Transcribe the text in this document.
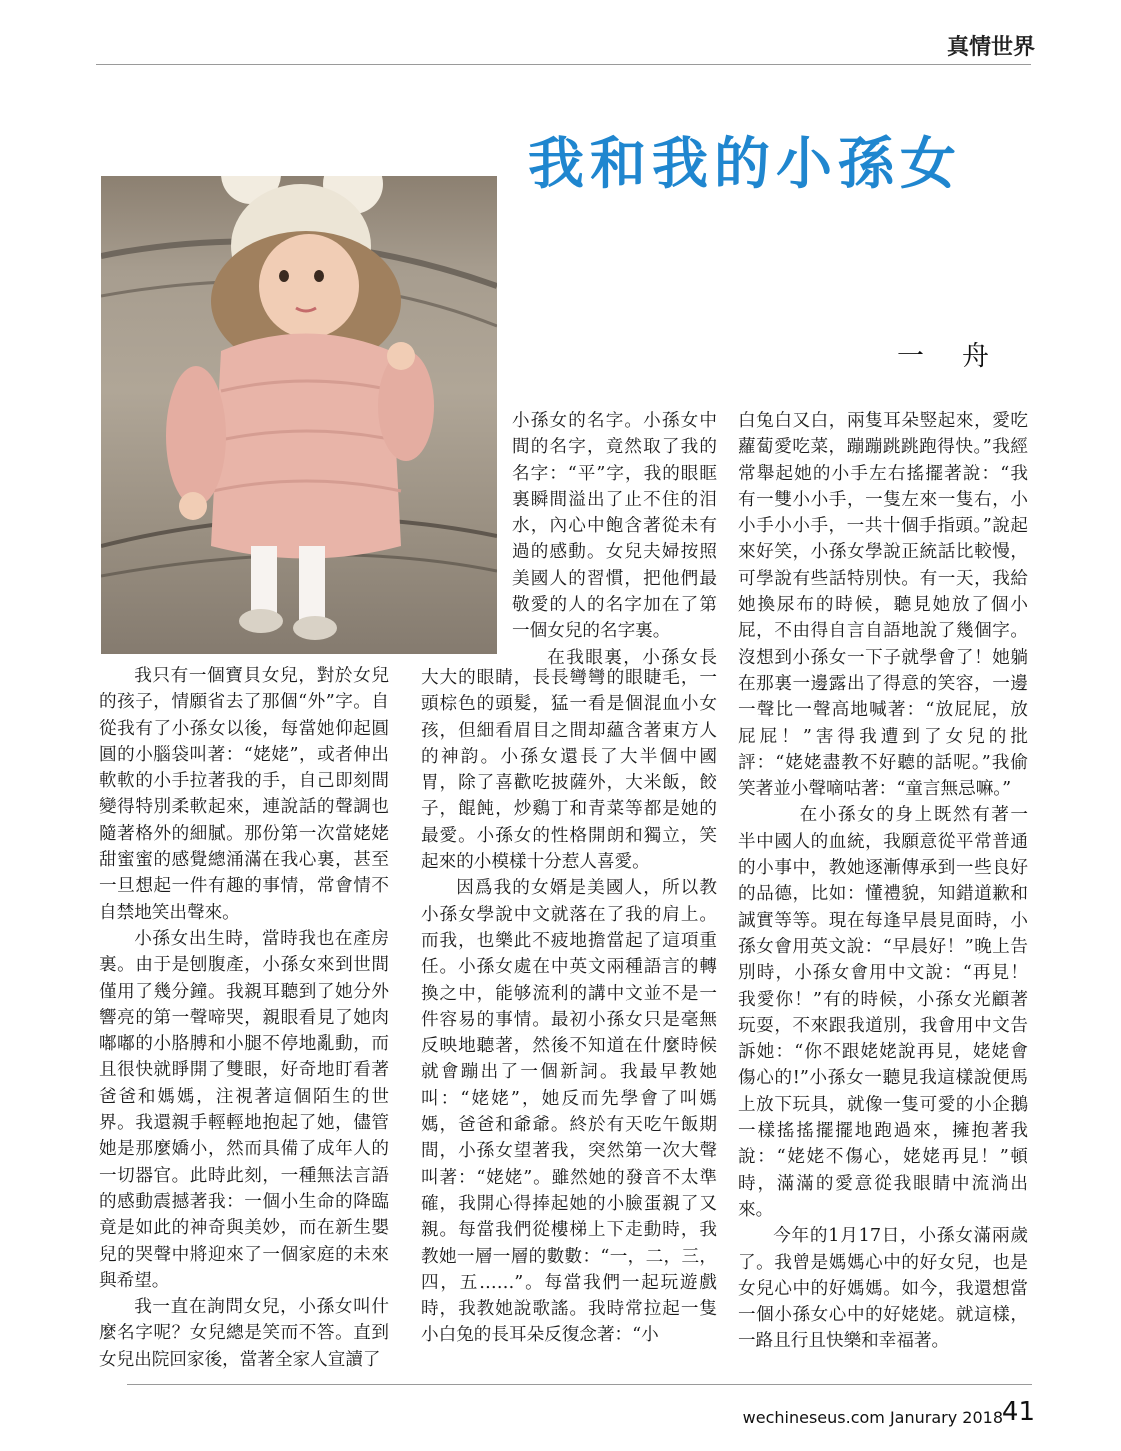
真情世界
我和我的小孫女
一舟

我只有一個寶貝女兒，對於女兒的孩子，情願省去了那個“外”字。自從我有了小孫女以後，每當她仰起圓圓的小腦袋叫著：“姥姥”，或者伸出軟軟的小手拉著我的手，自己即刻間變得特別柔軟起來，連說話的聲調也隨著格外的細膩。那份第一次當姥姥甜蜜蜜的感覺總涌滿在我心裏，甚至一旦想起一件有趣的事情，常會情不自禁地笑出聲來。

小孫女出生時，當時我也在產房裏。由于是刨腹產，小孫女來到世間僅用了幾分鐘。我親耳聽到了她分外響亮的第一聲啼哭，親眼看見了她肉嘟嘟的小胳膊和小腿不停地亂動，而且很快就睜開了雙眼，好奇地盯看著爸爸和媽媽，注視著這個陌生的世界。我還親手輕輕地抱起了她，儘管她是那麼嬌小，然而具備了成年人的一切器官。此時此刻，一種無法言語的感動震撼著我：一個小生命的降臨竟是如此的神奇與美妙，而在新生嬰兒的哭聲中將迎來了一個家庭的未來與希望。

我一直在詢問女兒，小孫女叫什麼名字呢？女兒總是笑而不答。直到女兒出院回家後，當著全家人宣讀了

小孫女的名字。小孫女中間的名字，竟然取了我的名字：“平”字，我的眼眶裏瞬間溢出了止不住的泪水，內心中飽含著從未有過的感動。女兒夫婦按照美國人的習慣，把他們最敬愛的人的名字加在了第一個女兒的名字裏。

在我眼裏，小孫女長

大大的眼睛，長長彎彎的眼睫毛，一頭棕色的頭髮，猛一看是個混血小女孩，但細看眉目之間却蘊含著東方人的神韵。小孫女還長了大半個中國胃，除了喜歡吃披薩外，大米飯，餃子，餛飩，炒鷄丁和青菜等都是她的最愛。小孫女的性格開朗和獨立，笑起來的小模樣十分惹人喜愛。

因爲我的女婿是美國人，所以教小孫女學說中文就落在了我的肩上。而我，也樂此不疲地擔當起了這項重任。小孫女處在中英文兩種語言的轉換之中，能够流利的講中文並不是一件容易的事情。最初小孫女只是毫無反映地聽著，然後不知道在什麼時候就會蹦出了一個新詞。我最早教她叫：“姥姥”，她反而先學會了叫媽媽，爸爸和爺爺。終於有天吃午飯期間，小孫女望著我，突然第一次大聲叫著：“姥姥”。雖然她的發音不太準確，我開心得捧起她的小臉蛋親了又親。每當我們從樓梯上下走動時，我教她一層一層的數數：“一，二，三，四，五……”。每當我們一起玩遊戲時，我教她說歌謠。我時常拉起一隻小白兔的長耳朵反復念著：“小

白兔白又白，兩隻耳朵竪起來，愛吃蘿蔔愛吃菜，蹦蹦跳跳跑得快。”我經常舉起她的小手左右搖擺著說：“我有一雙小小手，一隻左來一隻右，小小手小小手，一共十個手指頭。”說起來好笑，小孫女學說正統話比較慢，可學說有些話特別快。有一天，我給她換尿布的時候，聽見她放了個小屁，不由得自言自語地說了幾個字。沒想到小孫女一下子就學會了！她躺在那裏一邊露出了得意的笑容，一邊一聲比一聲高地喊著：“放屁屁，放屁屁！”害得我遭到了女兒的批評：“姥姥盡教不好聽的話呢。”我偷笑著並小聲嘀咕著：“童言無忌嘛。”

在小孫女的身上既然有著一半中國人的血統，我願意從平常普通的小事中，教她逐漸傳承到一些良好的品德，比如：懂禮貌，知錯道歉和誠實等等。現在每逢早晨見面時，小孫女會用英文說：“早晨好！”晚上告別時，小孫女會用中文說：“再見！我愛你！”有的時候，小孫女光顧著玩耍，不來跟我道別，我會用中文告訴她：“你不跟姥姥說再見，姥姥會傷心的!”小孫女一聽見我這樣說便馬上放下玩具，就像一隻可愛的小企鵝一樣搖搖擺擺地跑過來，擁抱著我說：“姥姥不傷心，姥姥再見！”頓時，滿滿的愛意從我眼睛中流淌出來。

今年的1月17日，小孫女滿兩歲了。我曾是媽媽心中的好女兒，也是女兒心中的好媽媽。如今，我還想當一個小孫女心中的好姥姥。就這樣，一路且行且快樂和幸福著。

wechineseus.com Janurary 2018
41
